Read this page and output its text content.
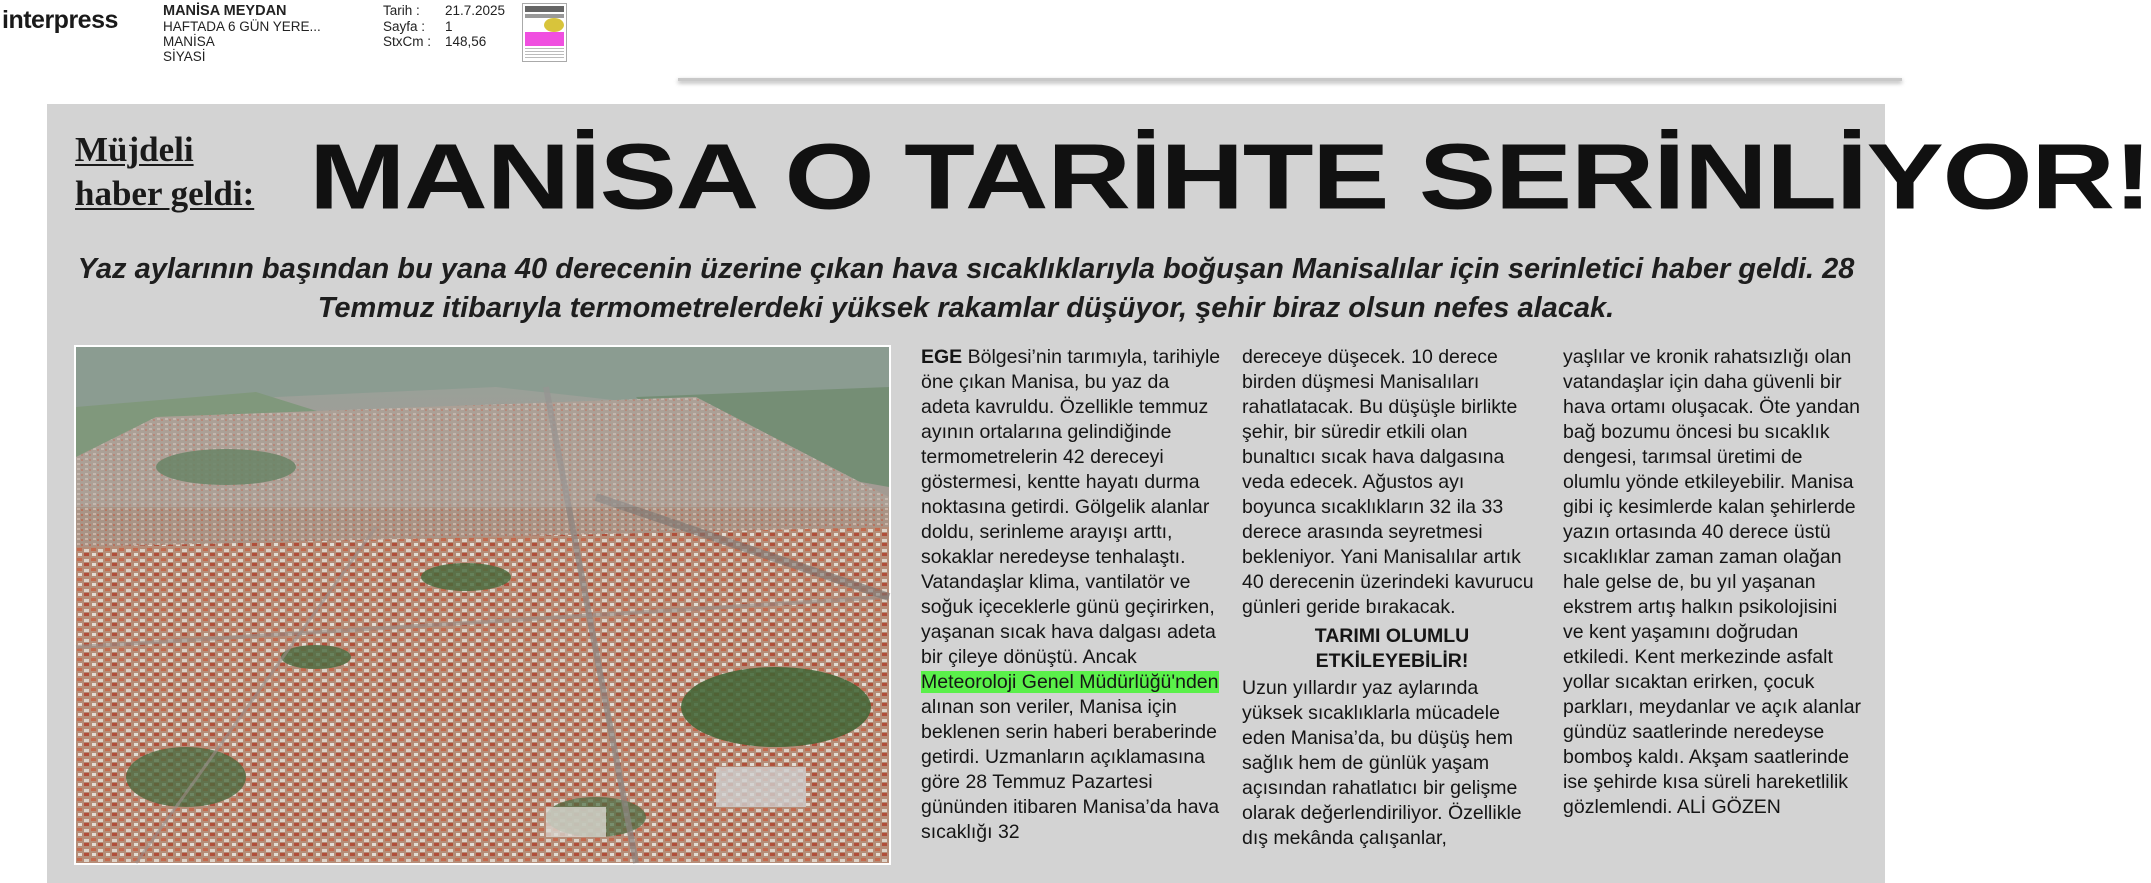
interpress	MANİSA MEYDAN
HAFTADA 6 GÜN YERE...
MANİSA
SİYASİ
Tarih :	21.7.2025
Sayfa :	1
StxCm :	148,56
Müjdeli
haber geldi: MANİSA O TARİHTE SERİNLİYOR!
Yaz aylarının başından bu yana 40 derecenin üzerine çıkan hava sıcaklıklarıyla boğuşan Manisalılar için serinletici haber geldi. 28 Temmuz itibarıyla termometrelerdeki yüksek rakamlar düşüyor, şehir biraz olsun nefes alacak.

EGE Bölgesi’nin tarımıyla, tarihiyle öne çıkan Manisa, bu yaz da adeta kavruldu. Özellikle temmuz ayının ortalarına gelindiğinde termometrelerin 42 dereceyi göstermesi, kentte hayatı durma noktasına getirdi. Gölgelik alanlar doldu, serinleme arayışı arttı, sokaklar neredeyse tenhalaştı. Vatandaşlar klima, vantilatör ve soğuk içeceklerle günü geçirirken, yaşanan sıcak hava dalgası adeta bir çileye dönüştü. Ancak Meteoroloji Genel Müdürlüğü'nden alınan son veriler, Manisa için beklenen serin haberi beraberinde getirdi. Uzmanların açıklamasına göre 28 Temmuz Pazartesi gününden itibaren Manisa’da hava sıcaklığı 32

dereceye düşecek. 10 derece birden düşmesi Manisalıları rahatlatacak. Bu düşüşle birlikte şehir, bir süredir etkili olan bunaltıcı sıcak hava dalgasına veda edecek. Ağustos ayı boyunca sıcaklıkların 32 ila 33 derece arasında seyretmesi bekleniyor. Yani Manisalılar artık 40 derecenin üzerindeki kavurucu günleri geride bırakacak.

TARIMI OLUMLU
ETKİLEYEBİLİR!

Uzun yıllardır yaz aylarında yüksek sıcaklıklarla mücadele eden Manisa’da, bu düşüş hem sağlık hem de günlük yaşam açısından rahatlatıcı bir gelişme olarak değerlendiriliyor. Özellikle dış mekânda çalışanlar,

yaşlılar ve kronik rahatsızlığı olan vatandaşlar için daha güvenli bir hava ortamı oluşacak. Öte yandan bağ bozumu öncesi bu sıcaklık dengesi, tarımsal üretimi de olumlu yönde etkileyebilir. Manisa gibi iç kesimlerde kalan şehirlerde yazın ortasında 40 derece üstü sıcaklıklar zaman zaman olağan hale gelse de, bu yıl yaşanan ekstrem artış halkın psikolojisini ve kent yaşamını doğrudan etkiledi. Kent merkezinde asfalt yollar sıcaktan erirken, çocuk parkları, meydanlar ve açık alanlar gündüz saatlerinde neredeyse bomboş kaldı. Akşam saatlerinde ise şehirde kısa süreli hareketlilik gözlemlendi. ALİ GÖZEN
